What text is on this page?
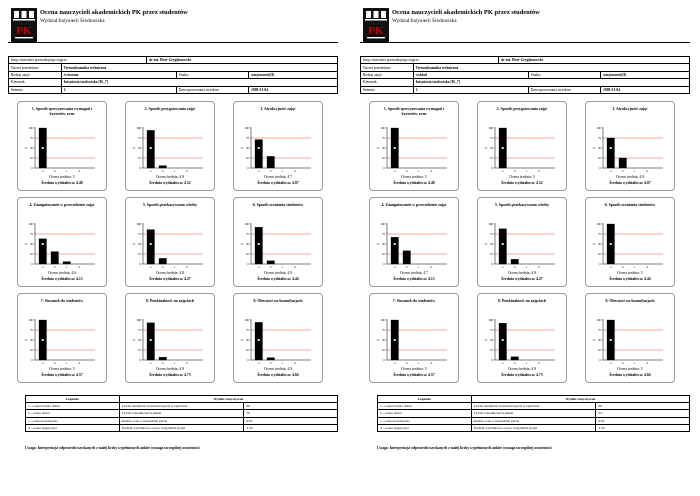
PK
Ocena nauczycieli akademickich PK przez studentów
Wydział Inżynierii Środowiska
Imię i nazwisko prowadzącego zajęcia		dr inż. Piotr Gryglaszewski		
Nazwa przedmiotu:	Termodynamika techniczna			
Rodzaj zajęć:	ćwiczenia		Studia:	stacjonarne(II)
Kierunek:	Inżynieria środowiska [IS_7]			
Semestr:	2		Data opracowania wyników	2008-21-04
1. Sposób sprecyzowania wymagań i
kryteriów ocen
100
75
50
25
0
%
a	b	c	d
Ocena średnia: 5
Średnia wydziałowa: 4.48
2. Sposób przygotowania zajęć
100
75
50
25
0
%
a	b	c	d
Ocena średnia: 4.9
Średnia wydziałowa: 4.52
3. Atrakcyjność zajęć
100
75
50
25
0
%
a	b	c	d
Ocena średnia: 4.7
Średnia wydziałowa: 4.07
4. Zaangażowanie w prowadzenie zajęć
100
75
50
25
0
%
a	b	c	d
Ocena średnia: 4.6
Średnia wydziałowa: 4.13
5. Sposób przekazywania wiedzy
100
75
50
25
0
%
a	b	c	d
Ocena średnia: 4.8
Średnia wydziałowa: 4.27
6. Sposób oceniania studentów
100
75
50
25
0
%
a	b	c	d
Ocena średnia: 4.9
Średnia wydziałowa: 4.44
7. Stosunek do studentów
100
75
50
25
0
%
a	b	c	d
Ocena średnia: 5
Średnia wydziałowa: 4.57
8. Punktualność na zajęciach
100
75
50
25
0
%
a	b	c	d
Ocena średnia: 4.9
Średnia wydziałowa: 4.73
9. Obecność na konsultacjach
100
75
50
25
0
%
a	b	c	d
Ocena średnia: 4.9
Średnia wydziałowa: 4.66
Legenda	Wyniki statystyczne	
a - ocena bardzo dobra	Liczba studentów uczestniczących w zajęciach	88
b - ocena dobra	Liczba wypełnionych ankiet	70
c - ocena dostateczna	średnia ocen z wszystkich pytań	4.87
d - ocena negatywna	Średnia wydziałowa ocen z wszystkich pytań	4.43
Uwaga: Interpretacja odpowiedzi uzyskanych z małej liczby wypełnionych ankiet wymaga szczególnej ostrożności.
PK
Ocena nauczycieli akademickich PK przez studentów
Wydział Inżynierii Środowiska
Imię i nazwisko prowadzącego zajęcia		dr inż. Piotr Gryglaszewski		
Nazwa przedmiotu:	Termodynamika techniczna			
Rodzaj zajęć:	wykład		Studia:	stacjonarne(II)
Kierunek:	Inżynieria środowiska [IS_7]			
Semestr:	2		Data opracowania wyników	2008-21-04
1. Sposób sprecyzowania wymagań i
kryteriów ocen
100
75
50
25
0
%
a	b	c	d
Ocena średnia: 5
Średnia wydziałowa: 4.48
2. Sposób przygotowania zajęć
100
75
50
25
0
%
a	b	c	d
Ocena średnia: 5
Średnia wydziałowa: 4.52
3. Atrakcyjność zajęć
100
75
50
25
0
%
a	b	c	d
Ocena średnia: 4.8
Średnia wydziałowa: 4.07
4. Zaangażowanie w prowadzenie zajęć
100
75
50
25
0
%
a	b	c	d
Ocena średnia: 4.7
Średnia wydziałowa: 4.13
5. Sposób przekazywania wiedzy
100
75
50
25
0
%
a	b	c	d
Ocena średnia: 4.9
Średnia wydziałowa: 4.27
6. Sposób oceniania studentów
100
75
50
25
0
%
a	b	c	d
Ocena średnia: 5
Średnia wydziałowa: 4.44
7. Stosunek do studentów
100
75
50
25
0
%
a	b	c	d
Ocena średnia: 5
Średnia wydziałowa: 4.57
8. Punktualność na zajęciach
100
75
50
25
0
%
a	b	c	d
Ocena średnia: 4.9
Średnia wydziałowa: 4.73
9. Obecność na konsultacjach
100
75
50
25
0
%
a	b	c	d
Ocena średnia: 5
Średnia wydziałowa: 4.66
Legenda	Wyniki statystyczne	
a - ocena bardzo dobra	Liczba studentów uczestniczących w zajęciach	88
b - ocena dobra	Liczba wypełnionych ankiet	24
c - ocena dostateczna	średnia ocen z wszystkich pytań	4.91
d - ocena negatywna	Średnia wydziałowa ocen z wszystkich pytań	4.43
Uwaga: Interpretacja odpowiedzi uzyskanych z małej liczby wypełnionych ankiet wymaga szczególnej ostrożności.
